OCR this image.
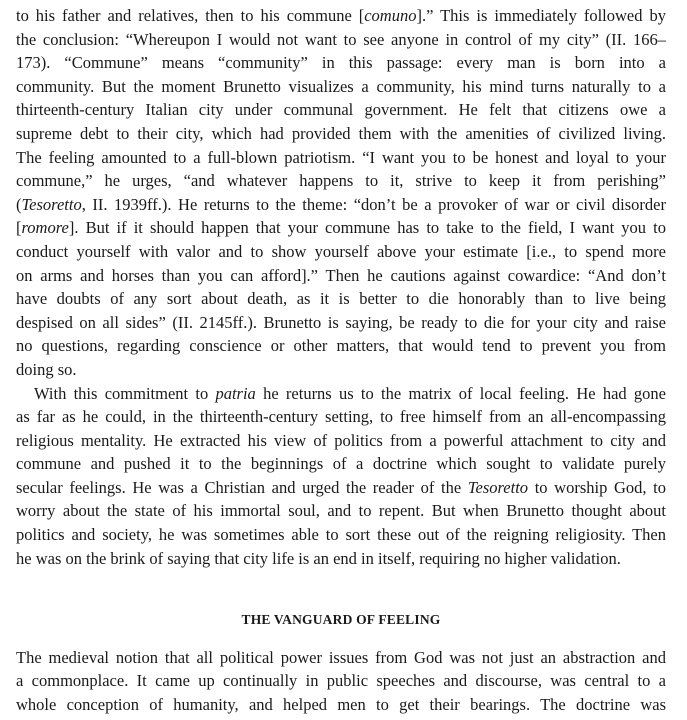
to his father and relatives, then to his commune [comuno].” This is immediately followed by
the conclusion: “Whereupon I would not want to see anyone in control of my city” (II. 166–
173). “Commune” means “community” in this passage: every man is born into a
community. But the moment Brunetto visualizes a community, his mind turns naturally to a
thirteenth-century Italian city under communal government. He felt that citizens owe a
supreme debt to their city, which had provided them with the amenities of civilized living.
The feeling amounted to a full-blown patriotism. “I want you to be honest and loyal to your
commune,” he urges, “and whatever happens to it, strive to keep it from perishing”
(Tesoretto, II. 1939ff.). He returns to the theme: “don’t be a provoker of war or civil disorder
[romore]. But if it should happen that your commune has to take to the field, I want you to
conduct yourself with valor and to show yourself above your estimate [i.e., to spend more
on arms and horses than you can afford].” Then he cautions against cowardice: “And don’t
have doubts of any sort about death, as it is better to die honorably than to live being
despised on all sides” (II. 2145ff.). Brunetto is saying, be ready to die for your city and raise
no questions, regarding conscience or other matters, that would tend to prevent you from
doing so.
With this commitment to patria he returns us to the matrix of local feeling. He had gone
as far as he could, in the thirteenth-century setting, to free himself from an all-encompassing
religious mentality. He extracted his view of politics from a powerful attachment to city and
commune and pushed it to the beginnings of a doctrine which sought to validate purely
secular feelings. He was a Christian and urged the reader of the Tesoretto to worship God, to
worry about the state of his immortal soul, and to repent. But when Brunetto thought about
politics and society, he was sometimes able to sort these out of the reigning religiosity. Then
he was on the brink of saying that city life is an end in itself, requiring no higher validation.
THE VANGUARD OF FEELING
The medieval notion that all political power issues from God was not just an abstraction and
a commonplace. It came up continually in public speeches and discourse, was central to a
whole conception of humanity, and helped men to get their bearings. The doctrine was
